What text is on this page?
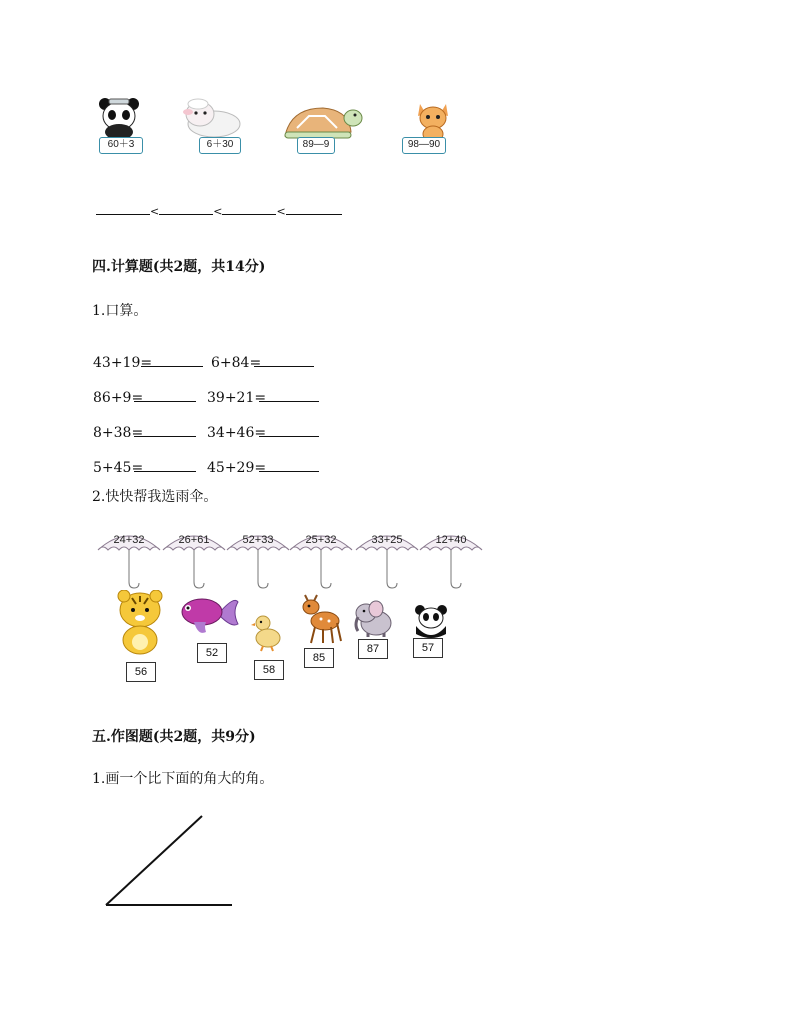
60＋3	6＋30	89—9	98—90
<	<	<
四.计算题(共2题，共14分)
1.口算。
43+19=	6+84=
86+9=	39+21=
8+38=	34+46=
5+45=	45+29=
2.快快帮我选雨伞。
24+32	26+61	52+33	25+32	33+25	12+40
56
52
58
85
87	57
五.作图题(共2题，共9分)
1.画一个比下面的角大的角。
